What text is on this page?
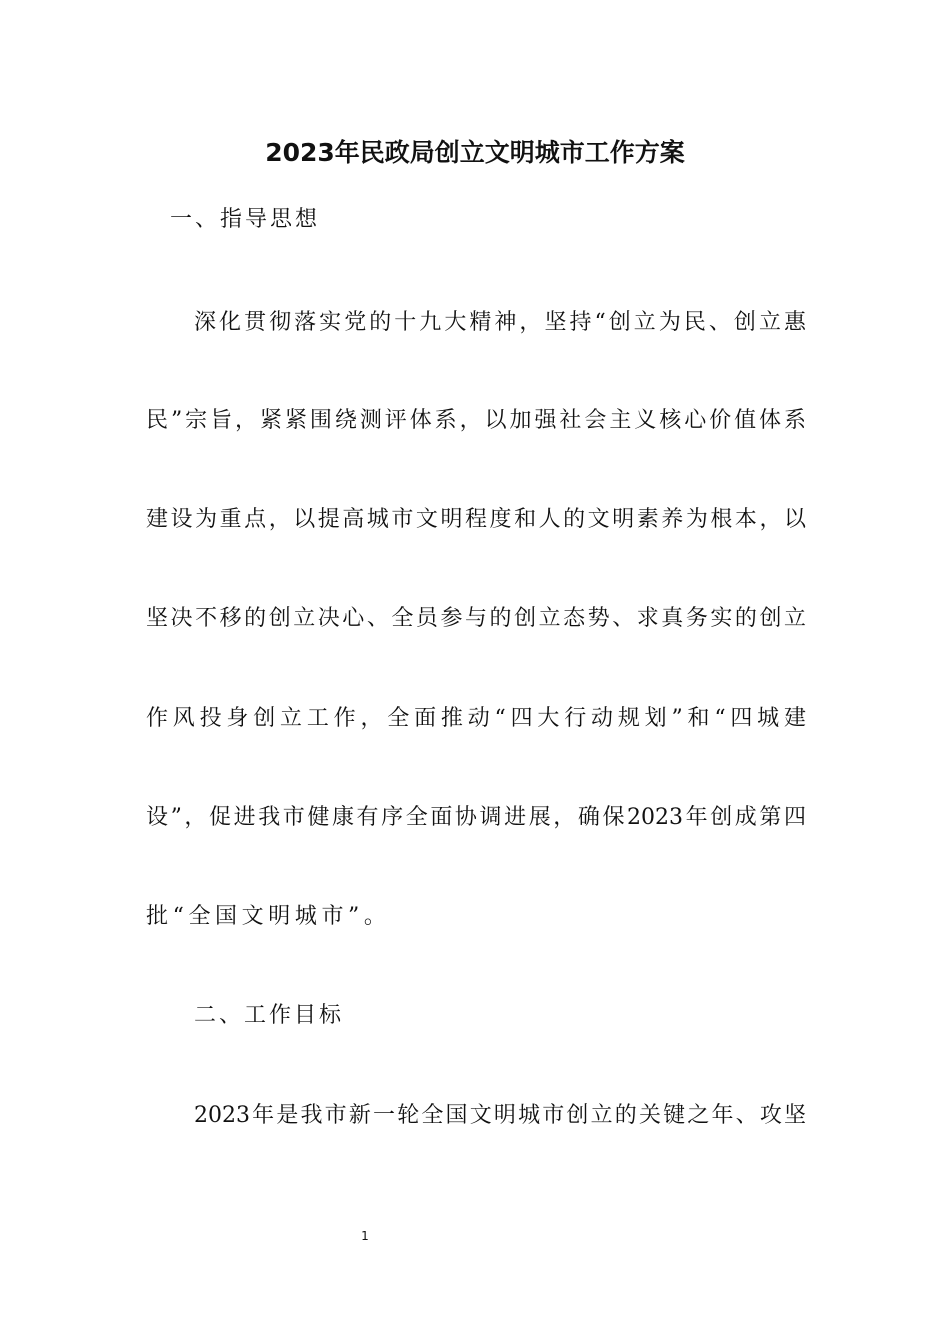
2023年民政局创立文明城市工作方案
一、指导思想
深化贯彻落实党的十九大精神，坚持“创立为民、创立惠
民”宗旨，紧紧围绕测评体系，以加强社会主义核心价值体系
建设为重点，以提高城市文明程度和人的文明素养为根本，以
坚决不移的创立决心、全员参与的创立态势、求真务实的创立
作风投身创立工作，全面推动“四大行动规划”和“四城建
设”，促进我市健康有序全面协调进展，确保2023年创成第四
批“全国文明城市”。
二、工作目标
2023年是我市新一轮全国文明城市创立的关键之年、攻坚
1
